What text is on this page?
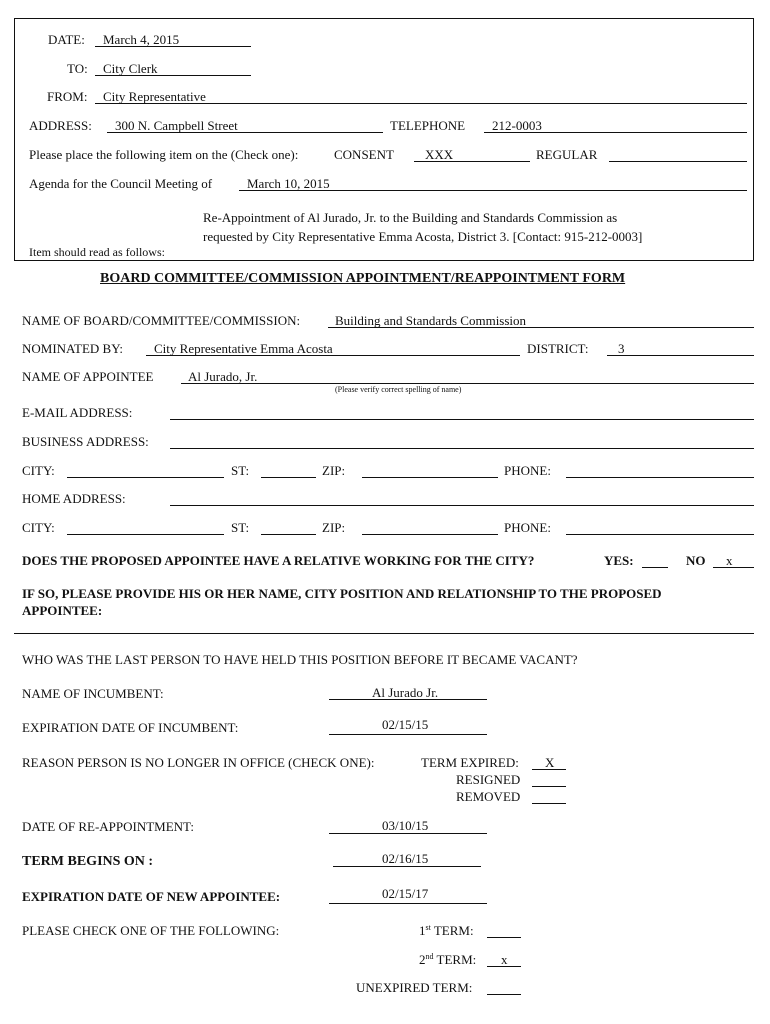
DATE: March 4, 2015
TO: City Clerk
FROM: City Representative
ADDRESS: 300 N. Campbell Street	TELEPHONE 212-0003
Please place the following item on the (Check one):	CONSENT XXX	REGULAR
Agenda for the Council Meeting of	March 10, 2015
Re-Appointment of Al Jurado, Jr. to the Building and Standards Commission as
requested by City Representative Emma Acosta, District 3. [Contact: 915-212-0003]
Item should read as follows:
BOARD COMMITTEE/COMMISSION APPOINTMENT/REAPPOINTMENT FORM
NAME OF BOARD/COMMITTEE/COMMISSION:	Building and Standards Commission
NOMINATED BY: City Representative Emma Acosta	DISTRICT: 3
NAME OF APPOINTEE	Al Jurado, Jr.
(Please verify correct spelling of name)
E-MAIL ADDRESS:
BUSINESS ADDRESS:
CITY:	ST:	ZIP:	PHONE:
HOME ADDRESS:
CITY:	ST:	ZIP:	PHONE:
DOES THE PROPOSED APPOINTEE HAVE A RELATIVE WORKING FOR THE CITY?	YES:	NO x
IF SO, PLEASE PROVIDE HIS OR HER NAME, CITY POSITION AND RELATIONSHIP TO THE PROPOSED
APPOINTEE:
WHO WAS THE LAST PERSON TO HAVE HELD THIS POSITION BEFORE IT BECAME VACANT?
NAME OF INCUMBENT:	Al Jurado Jr.
EXPIRATION DATE OF INCUMBENT:	02/15/15
REASON PERSON IS NO LONGER IN OFFICE (CHECK ONE):	TERM EXPIRED: X
RESIGNED
REMOVED
DATE OF RE-APPOINTMENT:	03/10/15
TERM BEGINS ON :	02/16/15
EXPIRATION DATE OF NEW APPOINTEE:	02/15/17
PLEASE CHECK ONE OF THE FOLLOWING:	1st TERM:
2nd TERM: x
UNEXPIRED TERM:
